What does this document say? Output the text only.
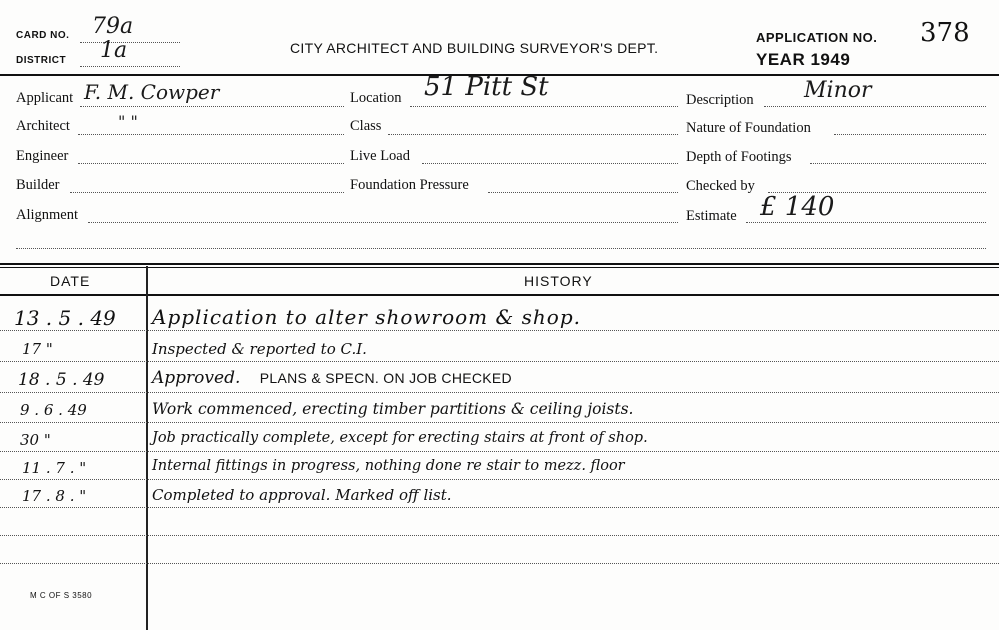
CARD NO. 79a
DISTRICT 1a	CITY ARCHITECT AND BUILDING SURVEYOR'S DEPT.
APPLICATION NO. 378
YEAR 1949
Applicant F. M. Cowper
Architect	" "
Engineer
Builder
Alignment
Location 51 Pitt St
Class
Live Load
Foundation Pressure
Description Minor
Nature of Foundation
Depth of Footings
Checked by
Estimate £ 140
DATE	HISTORY
13 . 5 . 49 Application to alter showroom & shop.
17 "	Inspected & reported to C.I.
18 . 5 . 49	Approved. PLANS & SPECN. ON JOB CHECKED
9 . 6 . 49	Work commenced, erecting timber partitions & ceiling joists.
30 "	Job practically complete, except for erecting stairs at front of shop.
11 . 7 . "	Internal fittings in progress, nothing done re stair to mezz. floor
17 . 8 . "	Completed to approval. Marked off list.
M C OF S 3580
